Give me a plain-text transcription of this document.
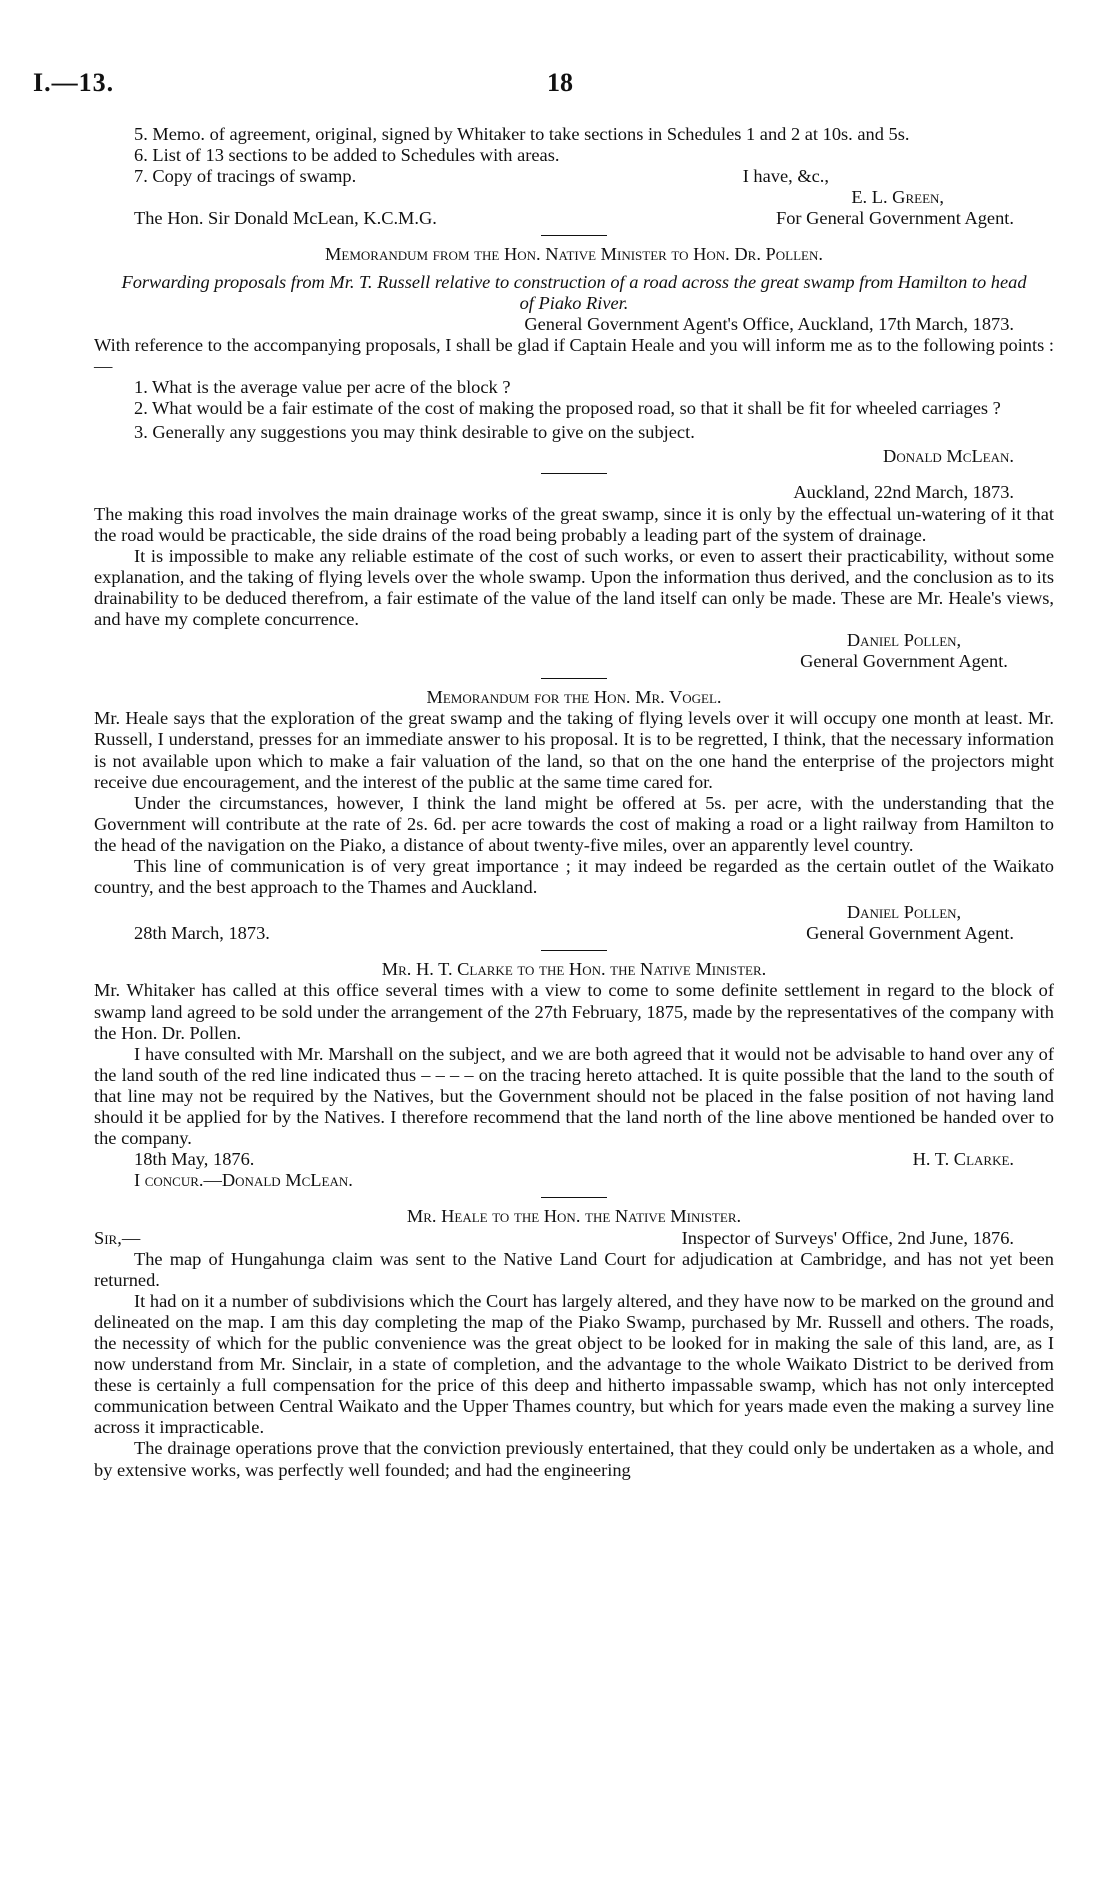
I.—13.	18

5. Memo. of agreement, original, signed by Whitaker to take sections in Schedules 1 and 2 at 10s. and 5s.

6. List of 13 sections to be added to Schedules with areas.

7. Copy of tracings of swamp.	I have, &c.,
E. L. Green,
The Hon. Sir Donald McLean, K.C.M.G.	For General Government Agent.

Memorandum from the Hon. Native Minister to Hon. Dr. Pollen.

Forwarding proposals from Mr. T. Russell relative to construction of a road across the great swamp from Hamilton to head of Piako River.

General Government Agent's Office, Auckland, 17th March, 1873.

With reference to the accompanying proposals, I shall be glad if Captain Heale and you will inform me as to the following points :—

1. What is the average value per acre of the block ?

2. What would be a fair estimate of the cost of making the proposed road, so that it shall be fit for wheeled carriages ?

3. Generally any suggestions you may think desirable to give on the subject.

Donald McLean.

Auckland, 22nd March, 1873.

The making this road involves the main drainage works of the great swamp, since it is only by the effectual un-watering of it that the road would be practicable, the side drains of the road being probably a leading part of the system of drainage.

It is impossible to make any reliable estimate of the cost of such works, or even to assert their practicability, without some explanation, and the taking of flying levels over the whole swamp. Upon the information thus derived, and the conclusion as to its drainability to be deduced therefrom, a fair estimate of the value of the land itself can only be made. These are Mr. Heale's views, and have my complete concurrence.

Daniel Pollen,
General Government Agent.

Memorandum for the Hon. Mr. Vogel.

Mr. Heale says that the exploration of the great swamp and the taking of flying levels over it will occupy one month at least. Mr. Russell, I understand, presses for an immediate answer to his proposal. It is to be regretted, I think, that the necessary information is not available upon which to make a fair valuation of the land, so that on the one hand the enterprise of the projectors might receive due encouragement, and the interest of the public at the same time cared for.

Under the circumstances, however, I think the land might be offered at 5s. per acre, with the understanding that the Government will contribute at the rate of 2s. 6d. per acre towards the cost of making a road or a light railway from Hamilton to the head of the navigation on the Piako, a distance of about twenty-five miles, over an apparently level country.

This line of communication is of very great importance ; it may indeed be regarded as the certain outlet of the Waikato country, and the best approach to the Thames and Auckland.

Daniel Pollen,
28th March, 1873.	General Government Agent.

Mr. H. T. Clarke to the Hon. the Native Minister.

Mr. Whitaker has called at this office several times with a view to come to some definite settlement in regard to the block of swamp land agreed to be sold under the arrangement of the 27th February, 1875, made by the representatives of the company with the Hon. Dr. Pollen.

I have consulted with Mr. Marshall on the subject, and we are both agreed that it would not be advisable to hand over any of the land south of the red line indicated thus – – – – on the tracing hereto attached. It is quite possible that the land to the south of that line may not be required by the Natives, but the Government should not be placed in the false position of not having land should it be applied for by the Natives. I therefore recommend that the land north of the line above mentioned be handed over to the company.

18th May, 1876.	H. T. Clarke.

I concur.—Donald McLean.

Mr. Heale to the Hon. the Native Minister.

Sir,—	Inspector of Surveys' Office, 2nd June, 1876.

The map of Hungahunga claim was sent to the Native Land Court for adjudication at Cambridge, and has not yet been returned.

It had on it a number of subdivisions which the Court has largely altered, and they have now to be marked on the ground and delineated on the map. I am this day completing the map of the Piako Swamp, purchased by Mr. Russell and others. The roads, the necessity of which for the public convenience was the great object to be looked for in making the sale of this land, are, as I now understand from Mr. Sinclair, in a state of completion, and the advantage to the whole Waikato District to be derived from these is certainly a full compensation for the price of this deep and hitherto impassable swamp, which has not only intercepted communication between Central Waikato and the Upper Thames country, but which for years made even the making a survey line across it impracticable.

The drainage operations prove that the conviction previously entertained, that they could only be undertaken as a whole, and by extensive works, was perfectly well founded; and had the engineering
